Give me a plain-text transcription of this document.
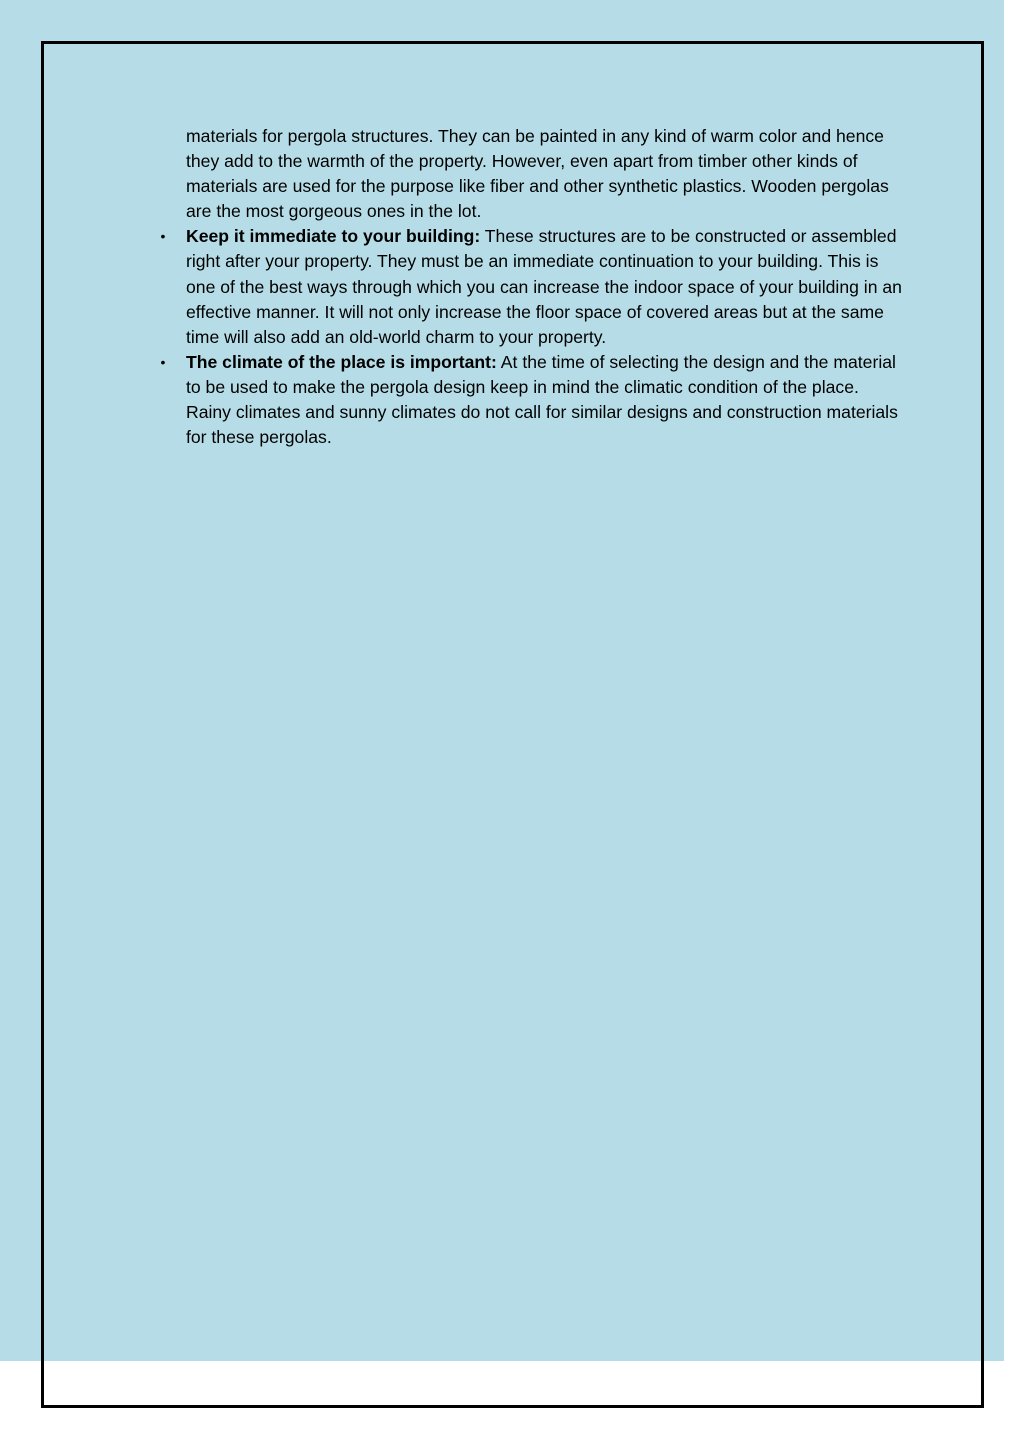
materials for pergola structures. They can be painted in any kind of warm color and hence they add to the warmth of the property. However, even apart from timber other kinds of materials are used for the purpose like fiber and other synthetic plastics. Wooden pergolas are the most gorgeous ones in the lot.

• Keep it immediate to your building: These structures are to be constructed or assembled right after your property. They must be an immediate continuation to your building. This is one of the best ways through which you can increase the indoor space of your building in an effective manner. It will not only increase the floor space of covered areas but at the same time will also add an old-world charm to your property.
• The climate of the place is important: At the time of selecting the design and the material to be used to make the pergola design keep in mind the climatic condition of the place. Rainy climates and sunny climates do not call for similar designs and construction materials for these pergolas.
